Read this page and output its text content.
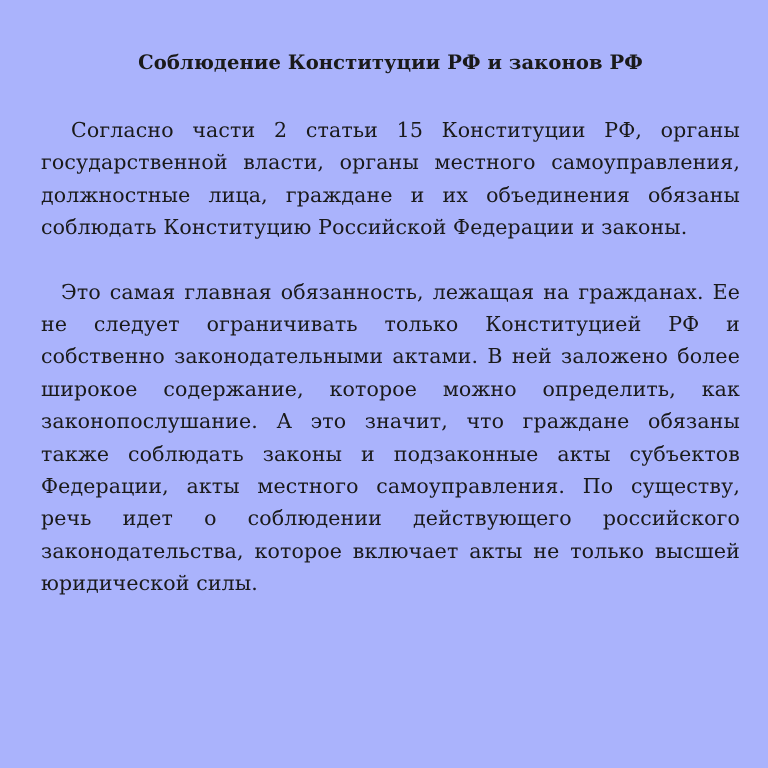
Соблюдение Конституции РФ и законов РФ

Согласно части 2 статьи 15 Конституции РФ, органы государственной власти, органы местного самоуправления, должностные лица, граждане и их объединения обязаны соблюдать Конституцию Российской Федерации и законы.

Это самая главная обязанность, лежащая на гражданах. Ее не следует ограничивать только Конституцией РФ и собственно законодательными актами. В ней заложено более широкое содержание, которое можно определить, как законопослушание. А это значит, что граждане обязаны также соблюдать законы и подзаконные акты субъектов Федерации, акты местного самоуправления. По существу, речь идет о соблюдении действующего российского законодательства, которое включает акты не только высшей юридической силы.
